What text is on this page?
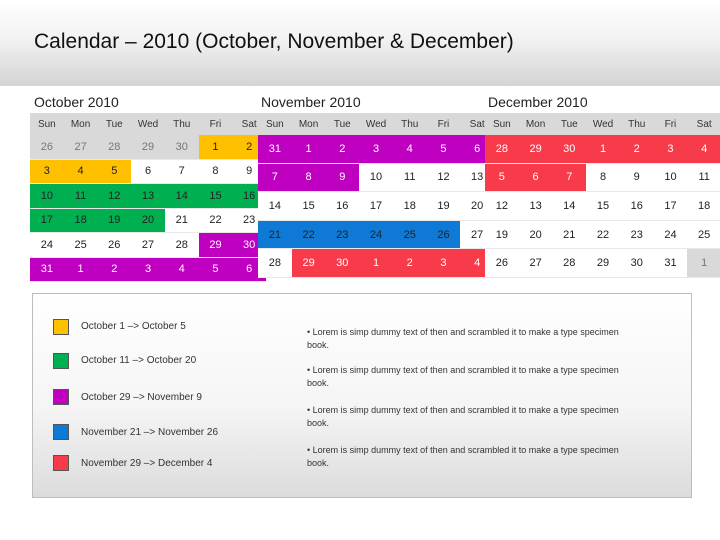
Calendar – 2010 (October, November & December)
October 2010	November 2010	December 2010
Sun	Mon	Tue	Wed	Thu	Fri	Sat
26	27	28	29	30	1	2
3	4	5	6	7	8	9
10	11	12	13	14	15	16
17	18	19	20	21	22	23
24	25	26	27	28	29	30
31	1	2	3	4	5	6
Sun	Mon	Tue	Wed	Thu	Fri	Sat
31	1	2	3	4	5	6
7	8	9	10	11	12	13
14	15	16	17	18	19	20
21	22	23	24	25	26	27
28	29	30	1	2	3	4
Sun	Mon	Tue	Wed	Thu	Fri	Sat
28	29	30	1	2	3	4
5	6	7	8	9	10	11
12	13	14	15	16	17	18
19	20	21	22	23	24	25
26	27	28	29	30	31	1
October 1 –> October 5
October 11 –> October 20
October 29 –> November 9
November 21 –> November 26
November 29 –> December 4
• Lorem is simp dummy text of then and scrambled it to make a type specimen book.
• Lorem is simp dummy text of then and scrambled it to make a type specimen book.
• Lorem is simp dummy text of then and scrambled it to make a type specimen book.
• Lorem is simp dummy text of then and scrambled it to make a type specimen book.
